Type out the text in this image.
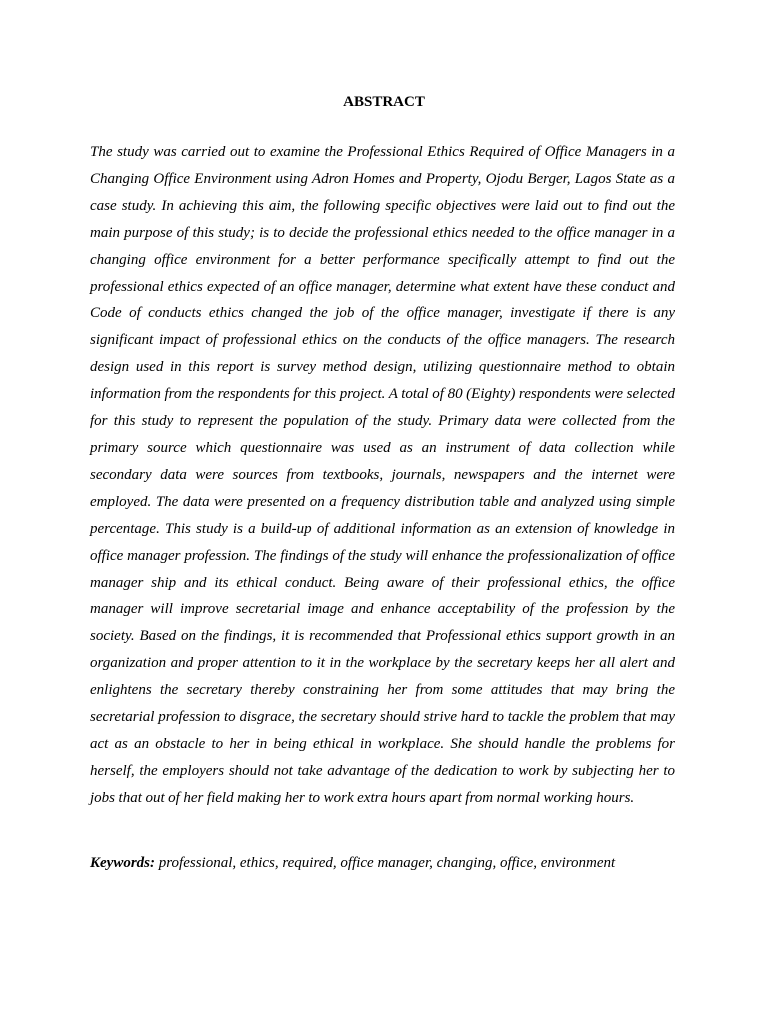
ABSTRACT

The study was carried out to examine the Professional Ethics Required of Office Managers in a Changing Office Environment using Adron Homes and Property, Ojodu Berger, Lagos State as a case study. In achieving this aim, the following specific objectives were laid out to find out the main purpose of this study; is to decide the professional ethics needed to the office manager in a changing office environment for a better performance specifically attempt to find out the professional ethics expected of an office manager, determine what extent have these conduct and Code of conducts ethics changed the job of the office manager, investigate if there is any significant impact of professional ethics on the conducts of the office managers. The research design used in this report is survey method design, utilizing questionnaire method to obtain information from the respondents for this project. A total of 80 (Eighty) respondents were selected for this study to represent the population of the study. Primary data were collected from the primary source which questionnaire was used as an instrument of data collection while secondary data were sources from textbooks, journals, newspapers and the internet were employed. The data were presented on a frequency distribution table and analyzed using simple percentage. This study is a build-up of additional information as an extension of knowledge in office manager profession. The findings of the study will enhance the professionalization of office manager ship and its ethical conduct. Being aware of their professional ethics, the office manager will improve secretarial image and enhance acceptability of the profession by the society. Based on the findings, it is recommended that Professional ethics support growth in an organization and proper attention to it in the workplace by the secretary keeps her all alert and enlightens the secretary thereby constraining her from some attitudes that may bring the secretarial profession to disgrace, the secretary should strive hard to tackle the problem that may act as an obstacle to her in being ethical in workplace. She should handle the problems for herself, the employers should not take advantage of the dedication to work by subjecting her to jobs that out of her field making her to work extra hours apart from normal working hours.

Keywords: professional, ethics, required, office manager, changing, office, environment
